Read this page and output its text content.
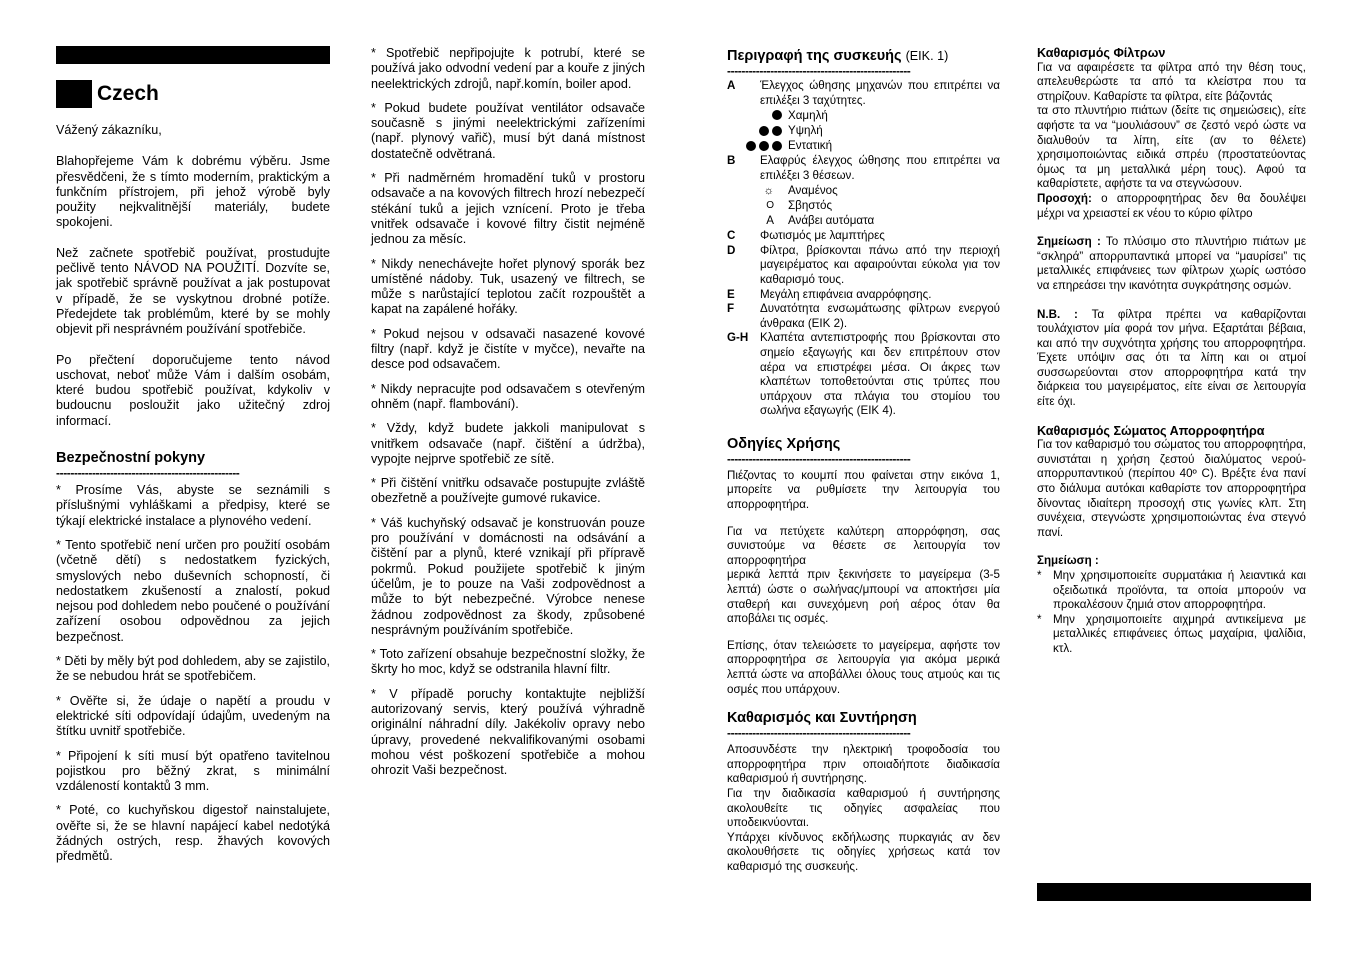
Czech

Vážený zákazníku,

Blahopřejeme Vám k dobrému výběru. Jsme přesvědčeni, že s tímto moderním, praktickým a funkčním přístrojem, při jehož výrobě byly použity nejkvalitnější materiály, budete spokojeni.

Než začnete spotřebič používat, prostudujte pečlivě tento NÁVOD NA POUŽITÍ. Dozvíte se, jak spotřebič správně používat a jak postupovat v případě, že se vyskytnou drobné potíže. Předejdete tak problémům, které by se mohly objevit při nesprávném používání spotřebiče.

Po přečtení doporučujeme tento návod uschovat, neboť může Vám i dalším osobám, které budou spotřebič používat, kdykoliv v budoucnu posloužit jako užitečný zdroj informací.

Bezpečnostní pokyny
---------------------------------------------------

* Prosíme Vás, abyste se seznámili s příslušnými vyhláškami a předpisy, které se týkají elektrické instalace a plynového vedení.

* Tento spotřebič není určen pro použití osobám (včetně dětí) s nedostatkem fyzických, smyslových nebo duševních schopností, či nedostatkem zkušeností a znalostí, pokud nejsou pod dohledem nebo poučené o používání zařízení osobou odpovědnou za jejich bezpečnost.

* Děti by měly být pod dohledem, aby se zajistilo, že se nebudou hrát se spotřebičem.

* Ověřte si, že údaje o napětí a proudu v elektrické síti odpovídají údajům, uvedeným na štítku uvnitř spotřebiče.

* Připojení k síti musí být opatřeno tavitelnou pojistkou pro běžný zkrat, s minimální vzdáleností kontaktů 3 mm.

* Poté, co kuchyňskou digestoř nainstalujete, ověřte si, že se hlavní napájecí kabel nedotýká žádných ostrých, resp. žhavých kovových předmětů.

* Spotřebič nepřipojujte k potrubí, které se používá jako odvodní vedení par a kouře z jiných neelektrických zdrojů, např.komín, boiler apod.

* Pokud budete používat ventilátor odsavače současně s jinými neelektrickými zařízeními (např. plynový vařič), musí být daná místnost dostatečně odvětraná.

* Při nadměrném hromadění tuků v prostoru odsavače a na kovových filtrech hrozí nebezpečí stékání tuků a jejich vznícení. Proto je třeba vnitřek odsavače i kovové filtry čistit nejméně jednou za měsíc.

* Nikdy nenechávejte hořet plynový sporák bez umístěné nádoby. Tuk, usazený ve filtrech, se může s narůstající teplotou začít rozpouštět a kapat na zapálené hořáky.

* Pokud nejsou v odsavači nasazené kovové filtry (např. když je čistíte v myčce), nevařte na desce pod odsavačem.

* Nikdy nepracujte pod odsavačem s otevřeným ohněm (např. flambování).

* Vždy, když budete jakkoli manipulovat s vnitřkem odsavače (např. čištění a údržba), vypojte nejprve spotřebič ze sítě.

* Při čištění vnitřku odsavače postupujte zvláště obezřetně a používejte gumové rukavice.

* Váš kuchyňský odsavač je konstruován pouze pro používání v domácnosti na odsávání a čištění par a plynů, které vznikají při přípravě pokrmů. Pokud použijete spotřebič k jiným účelům, je to pouze na Vaši zodpovědnost a může to být nebezpečné. Výrobce nenese žádnou zodpovědnost za škody, způsobené nesprávným používáním spotřebiče.

* Toto zařízení obsahuje bezpečnostní složky, že škrty ho moc, když se odstranila hlavní filtr.

* V případě poruchy kontaktujte nejbližší autorizovaný servis, který používá výhradně originální náhradní díly. Jakékoliv opravy nebo úpravy, provedené nekvalifikovanými osobami mohou vést poškození spotřebiče a mohou ohrozit Vaši bezpečnost.

Περιγραφή της συσκευής (ΕΙΚ. 1)
---------------------------------------------------
A	Έλεγχος ώθησης μηχανών που επιτρέπει να επιλέξει 3 ταχύτητες.
Χαμηλή
Υψηλή
Εντατική
B	Ελαφρύς έλεγχος ώθησης που επιτρέπει να επιλέξει 3 θέσεων.
☼	Αναμένος
O	Σβηστός
A	Ανάβει αυτόματα
C	Φωτισμός με λαμπτήρες
D	Φίλτρα, βρίσκονται πάνω από την περιοχή μαγειρέματος και αφαιρούνται εύκολα για τον καθαρισμό τους.
E	Μεγάλη επιφάνεια αναρρόφησης.
F	Δυνατότητα ενσωμάτωσης φίλτρων ενεργού άνθρακα (ΕΙΚ 2).
G-H	Κλαπέτα αντεπιστροφής που βρίσκονται στο σημείο εξαγωγής και δεν επιτρέπουν στον αέρα να επιστρέφει μέσα. Οι άκρες των κλαπέτων τοποθετούνται στις τρύπες που υπάρχουν στα πλάγια του στομίου του σωλήνα εξαγωγής (ΕΙΚ 4).
Οδηγίες Χρήσης
---------------------------------------------------

Πιέζοντας το κουμπί που φαίνεται στην εικόνα 1, μπορείτε να ρυθμίσετε την λειτουργία του απορροφητήρα.

Για να πετύχετε καλύτερη απορρόφηση, σας συνιστούμε να θέσετε σε λειτουργία τον απορροφητήρα
μερικά λεπτά πριν ξεκινήσετε το μαγείρεμα (3-5 λεπτά) ώστε ο σωλήνας/μπουρί να αποκτήσει μία σταθερή και συνεχόμενη ροή αέρος όταν θα αποβάλει τις οσμές.

Επίσης, όταν τελειώσετε το μαγείρεμα, αφήστε τον απορροφητήρα σε λειτουργία για ακόμα μερικά λεπτά ώστε να αποβάλλει όλους τους ατμούς και τις οσμές που υπάρχουν.

Καθαρισμός και Συντήρηση
---------------------------------------------------

Αποσυνδέστε την ηλεκτρική τροφοδοσία του απορροφητήρα πριν οποιαδήποτε διαδικασία καθαρισμού ή συντήρησης.
Για την διαδικασία καθαρισμού ή συντήρησης ακολουθείτε τις οδηγίες ασφαλείας που υποδεικνύονται.
Υπάρχει κίνδυνος εκδήλωσης πυρκαγιάς αν δεν ακολουθήσετε τις οδηγίες χρήσεως κατά τον καθαρισμό της συσκευής.

Καθαρισμός Φίλτρων

Για να αφαιρέσετε τα φίλτρα από την θέση τους, απελευθερώστε τα από τα κλείστρα που τα στηρίζουν. Καθαρίστε τα φίλτρα, είτε βάζοντάς
τα στο πλυντήριο πιάτων (δείτε τις σημειώσεις), είτε αφήστε τα να “μουλιάσουν” σε ζεστό νερό ώστε να διαλυθούν τα λίπη, είτε (αν το θέλετε) χρησιμοποιώντας ειδικά σπρέυ (προστατεύοντας όμως τα μη μεταλλικά μέρη τους). Αφού τα καθαρίστετε, αφήστε τα να στεγνώσουν.

Προσοχή: ο απορροφητήρας δεν θα δουλέψει μέχρι να χρειαστεί εκ νέου το κύριο φίλτρο

Σημείωση : Το πλύσιμο στο πλυντήριο πιάτων με “σκληρά” απορρυπαντικά μπορεί να “μαυρίσει” τις μεταλλικές επιφάνειες των φίλτρων χωρίς ωστόσο να επηρεάσει την ικανότητα συγκράτησης οσμών.

N.B. : Τα φίλτρα πρέπει να καθαρίζονται τουλάχιστον μία φορά τον μήνα. Εξαρτάται βέβαια, και από την συχνότητα χρήσης του απορροφητήρα. Έχετε υπόψιν σας ότι τα λίπη και οι ατμοί συσσωρεύονται στον απορροφητήρα κατά την διάρκεια του μαγειρέματος, είτε είναι σε λειτουργία είτε όχι.

Καθαρισμός Σώματος Απορροφητήρα

Για τον καθαρισμό του σώματος του απορροφητήρα, συνιστάται η χρήση ζεστού διαλύματος νερού-απορρυπαντικού (περίπου 40º C). Βρέξτε ένα πανί στο διάλυμα αυτόκαι καθαρίστε τον απορροφητήρα δίνοντας ιδιαίτερη προσοχή στις γωνίες κλπ. Στη συνέχεια, στεγνώστε χρησιμοποιώντας ένα στεγνό πανί.

Σημείωση :
* Μην χρησιμοποιείτε συρματάκια ή λειαντικά και οξειδωτικά προϊόντα, τα οποία μπορούν να προκαλέσουν ζημιά στον απορροφητήρα.
* Μην χρησιμοποιείτε αιχμηρά αντικείμενα με μεταλλικές επιφάνειες όπως μαχαίρια, ψαλίδια, κτλ.
